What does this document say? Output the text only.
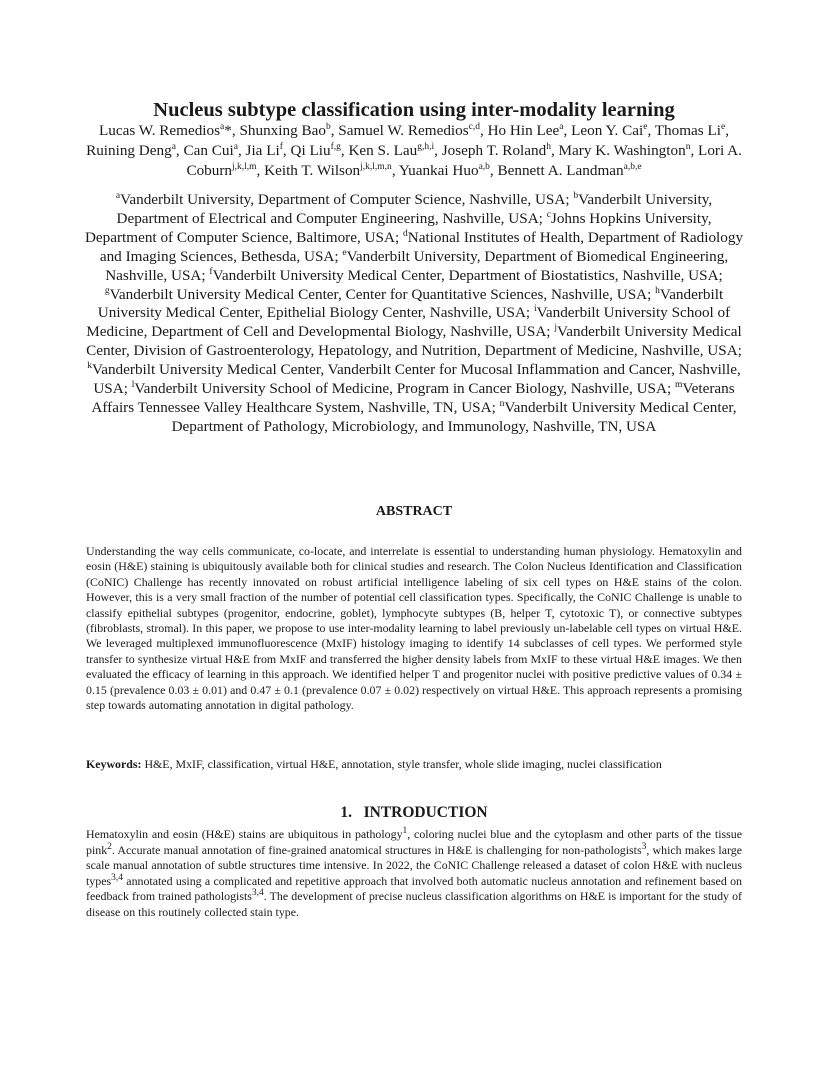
Nucleus subtype classification using inter-modality learning

Lucas W. Remedios$^a$*, Shunxing Bao$^b$, Samuel W. Remedios$^{c,d}$, Ho Hin Lee$^a$, Leon Y. Cai$^e$, Thomas Li$^e$, Ruining Deng$^a$, Can Cui$^a$, Jia Li$^f$, Qi Liu$^{f,g}$, Ken S. Lau$^{g,h,i}$, Joseph T. Roland$^h$, Mary K. Washington$^n$, Lori A. Coburn$^{j,k,l,m}$, Keith T. Wilson$^{j,k,l,m,n}$, Yuankai Huo$^{a,b}$, Bennett A. Landman$^{a,b,e}$

$^a$Vanderbilt University, Department of Computer Science, Nashville, USA; $^b$Vanderbilt University, Department of Electrical and Computer Engineering, Nashville, USA; $^c$Johns Hopkins University, Department of Computer Science, Baltimore, USA; $^d$National Institutes of Health, Department of Radiology and Imaging Sciences, Bethesda, USA; $^e$Vanderbilt University, Department of Biomedical Engineering, Nashville, USA; $^f$Vanderbilt University Medical Center, Department of Biostatistics, Nashville, USA; $^g$Vanderbilt University Medical Center, Center for Quantitative Sciences, Nashville, USA; $^h$Vanderbilt University Medical Center, Epithelial Biology Center, Nashville, USA; $^i$Vanderbilt University School of Medicine, Department of Cell and Developmental Biology, Nashville, USA; $^j$Vanderbilt University Medical Center, Division of Gastroenterology, Hepatology, and Nutrition, Department of Medicine, Nashville, USA; $^k$Vanderbilt University Medical Center, Vanderbilt Center for Mucosal Inflammation and Cancer, Nashville, USA; $^l$Vanderbilt University School of Medicine, Program in Cancer Biology, Nashville, USA; $^m$Veterans Affairs Tennessee Valley Healthcare System, Nashville, TN, USA; $^n$Vanderbilt University Medical Center, Department of Pathology, Microbiology, and Immunology, Nashville, TN, USA

ABSTRACT

Understanding the way cells communicate, co-locate, and interrelate is essential to understanding human physiology. Hematoxylin and eosin (H&E) staining is ubiquitously available both for clinical studies and research. The Colon Nucleus Identification and Classification (CoNIC) Challenge has recently innovated on robust artificial intelligence labeling of six cell types on H&E stains of the colon. However, this is a very small fraction of the number of potential cell classification types. Specifically, the CoNIC Challenge is unable to classify epithelial subtypes (progenitor, endocrine, goblet), lymphocyte subtypes (B, helper T, cytotoxic T), or connective subtypes (fibroblasts, stromal). In this paper, we propose to use inter-modality learning to label previously un-labelable cell types on virtual H&E. We leveraged multiplexed immunofluorescence (MxIF) histology imaging to identify 14 subclasses of cell types. We performed style transfer to synthesize virtual H&E from MxIF and transferred the higher density labels from MxIF to these virtual H&E images. We then evaluated the efficacy of learning in this approach. We identified helper T and progenitor nuclei with positive predictive values of 0.34 ± 0.15 (prevalence 0.03 ± 0.01) and 0.47 ± 0.1 (prevalence 0.07 ± 0.02) respectively on virtual H&E. This approach represents a promising step towards automating annotation in digital pathology.

Keywords: H&E, MxIF, classification, virtual H&E, annotation, style transfer, whole slide imaging, nuclei classification

1.   INTRODUCTION

Hematoxylin and eosin (H&E) stains are ubiquitous in pathology$^1$, coloring nuclei blue and the cytoplasm and other parts of the tissue pink$^2$. Accurate manual annotation of fine-grained anatomical structures in H&E is challenging for non-pathologists$^3$, which makes large scale manual annotation of subtle structures time intensive. In 2022, the CoNIC Challenge released a dataset of colon H&E with nucleus types$^{3,4}$ annotated using a complicated and repetitive approach that involved both automatic nucleus annotation and refinement based on feedback from trained pathologists$^{3,4}$. The development of precise nucleus classification algorithms on H&E is important for the study of disease on this routinely collected stain type.
